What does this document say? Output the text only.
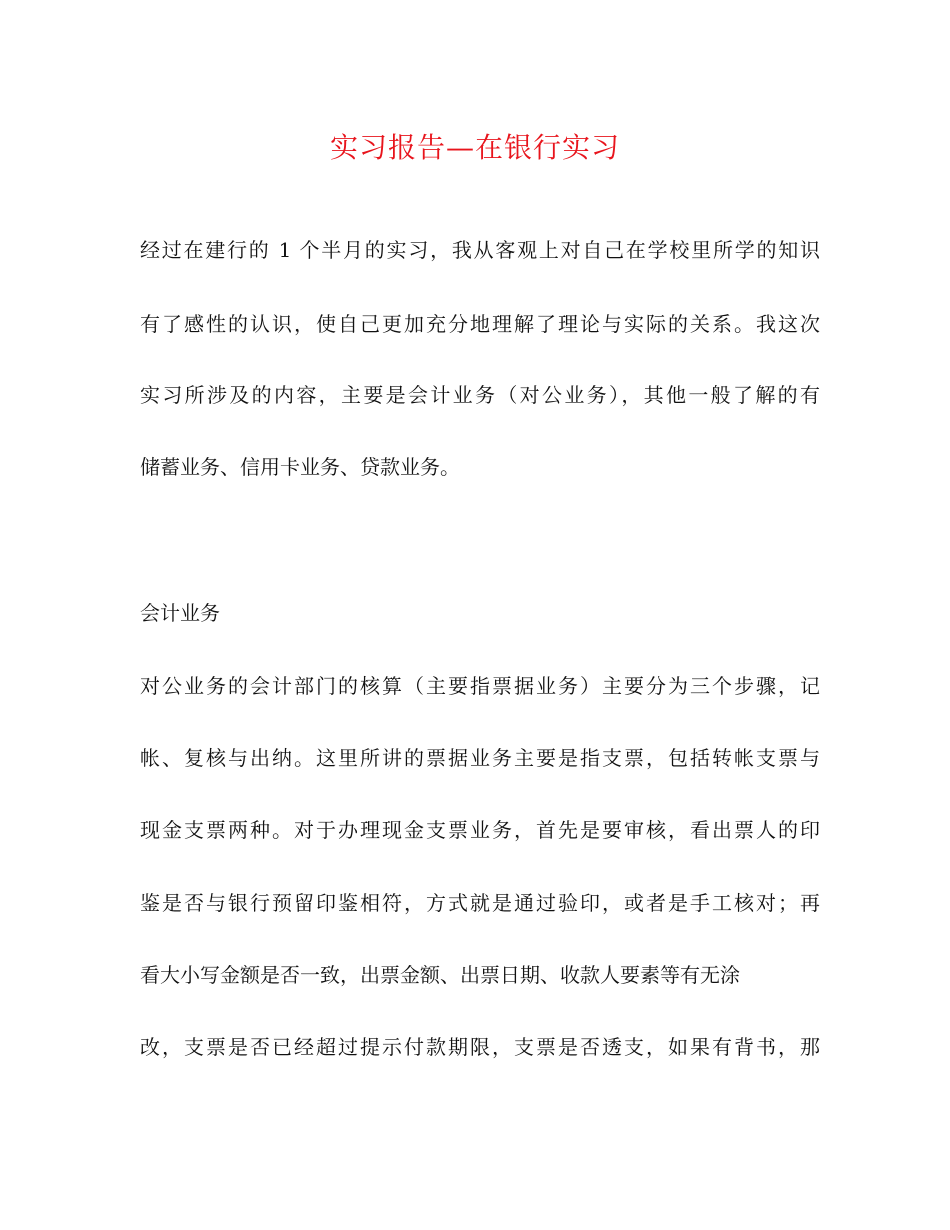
实习报告—在银行实习

经过在建行的 1 个半月的实习，我从客观上对自己在学校里所学的知识

有了感性的认识，使自己更加充分地理解了理论与实际的关系。我这次

实习所涉及的内容，主要是会计业务（对公业务），其他一般了解的有

储蓄业务、信用卡业务、贷款业务。

会计业务

对公业务的会计部门的核算（主要指票据业务）主要分为三个步骤，记

帐、复核与出纳。这里所讲的票据业务主要是指支票，包括转帐支票与

现金支票两种。对于办理现金支票业务，首先是要审核，看出票人的印

鉴是否与银行预留印鉴相符，方式就是通过验印，或者是手工核对；再

看大小写金额是否一致，出票金额、出票日期、收款人要素等有无涂

改，支票是否已经超过提示付款期限，支票是否透支，如果有背书，那
